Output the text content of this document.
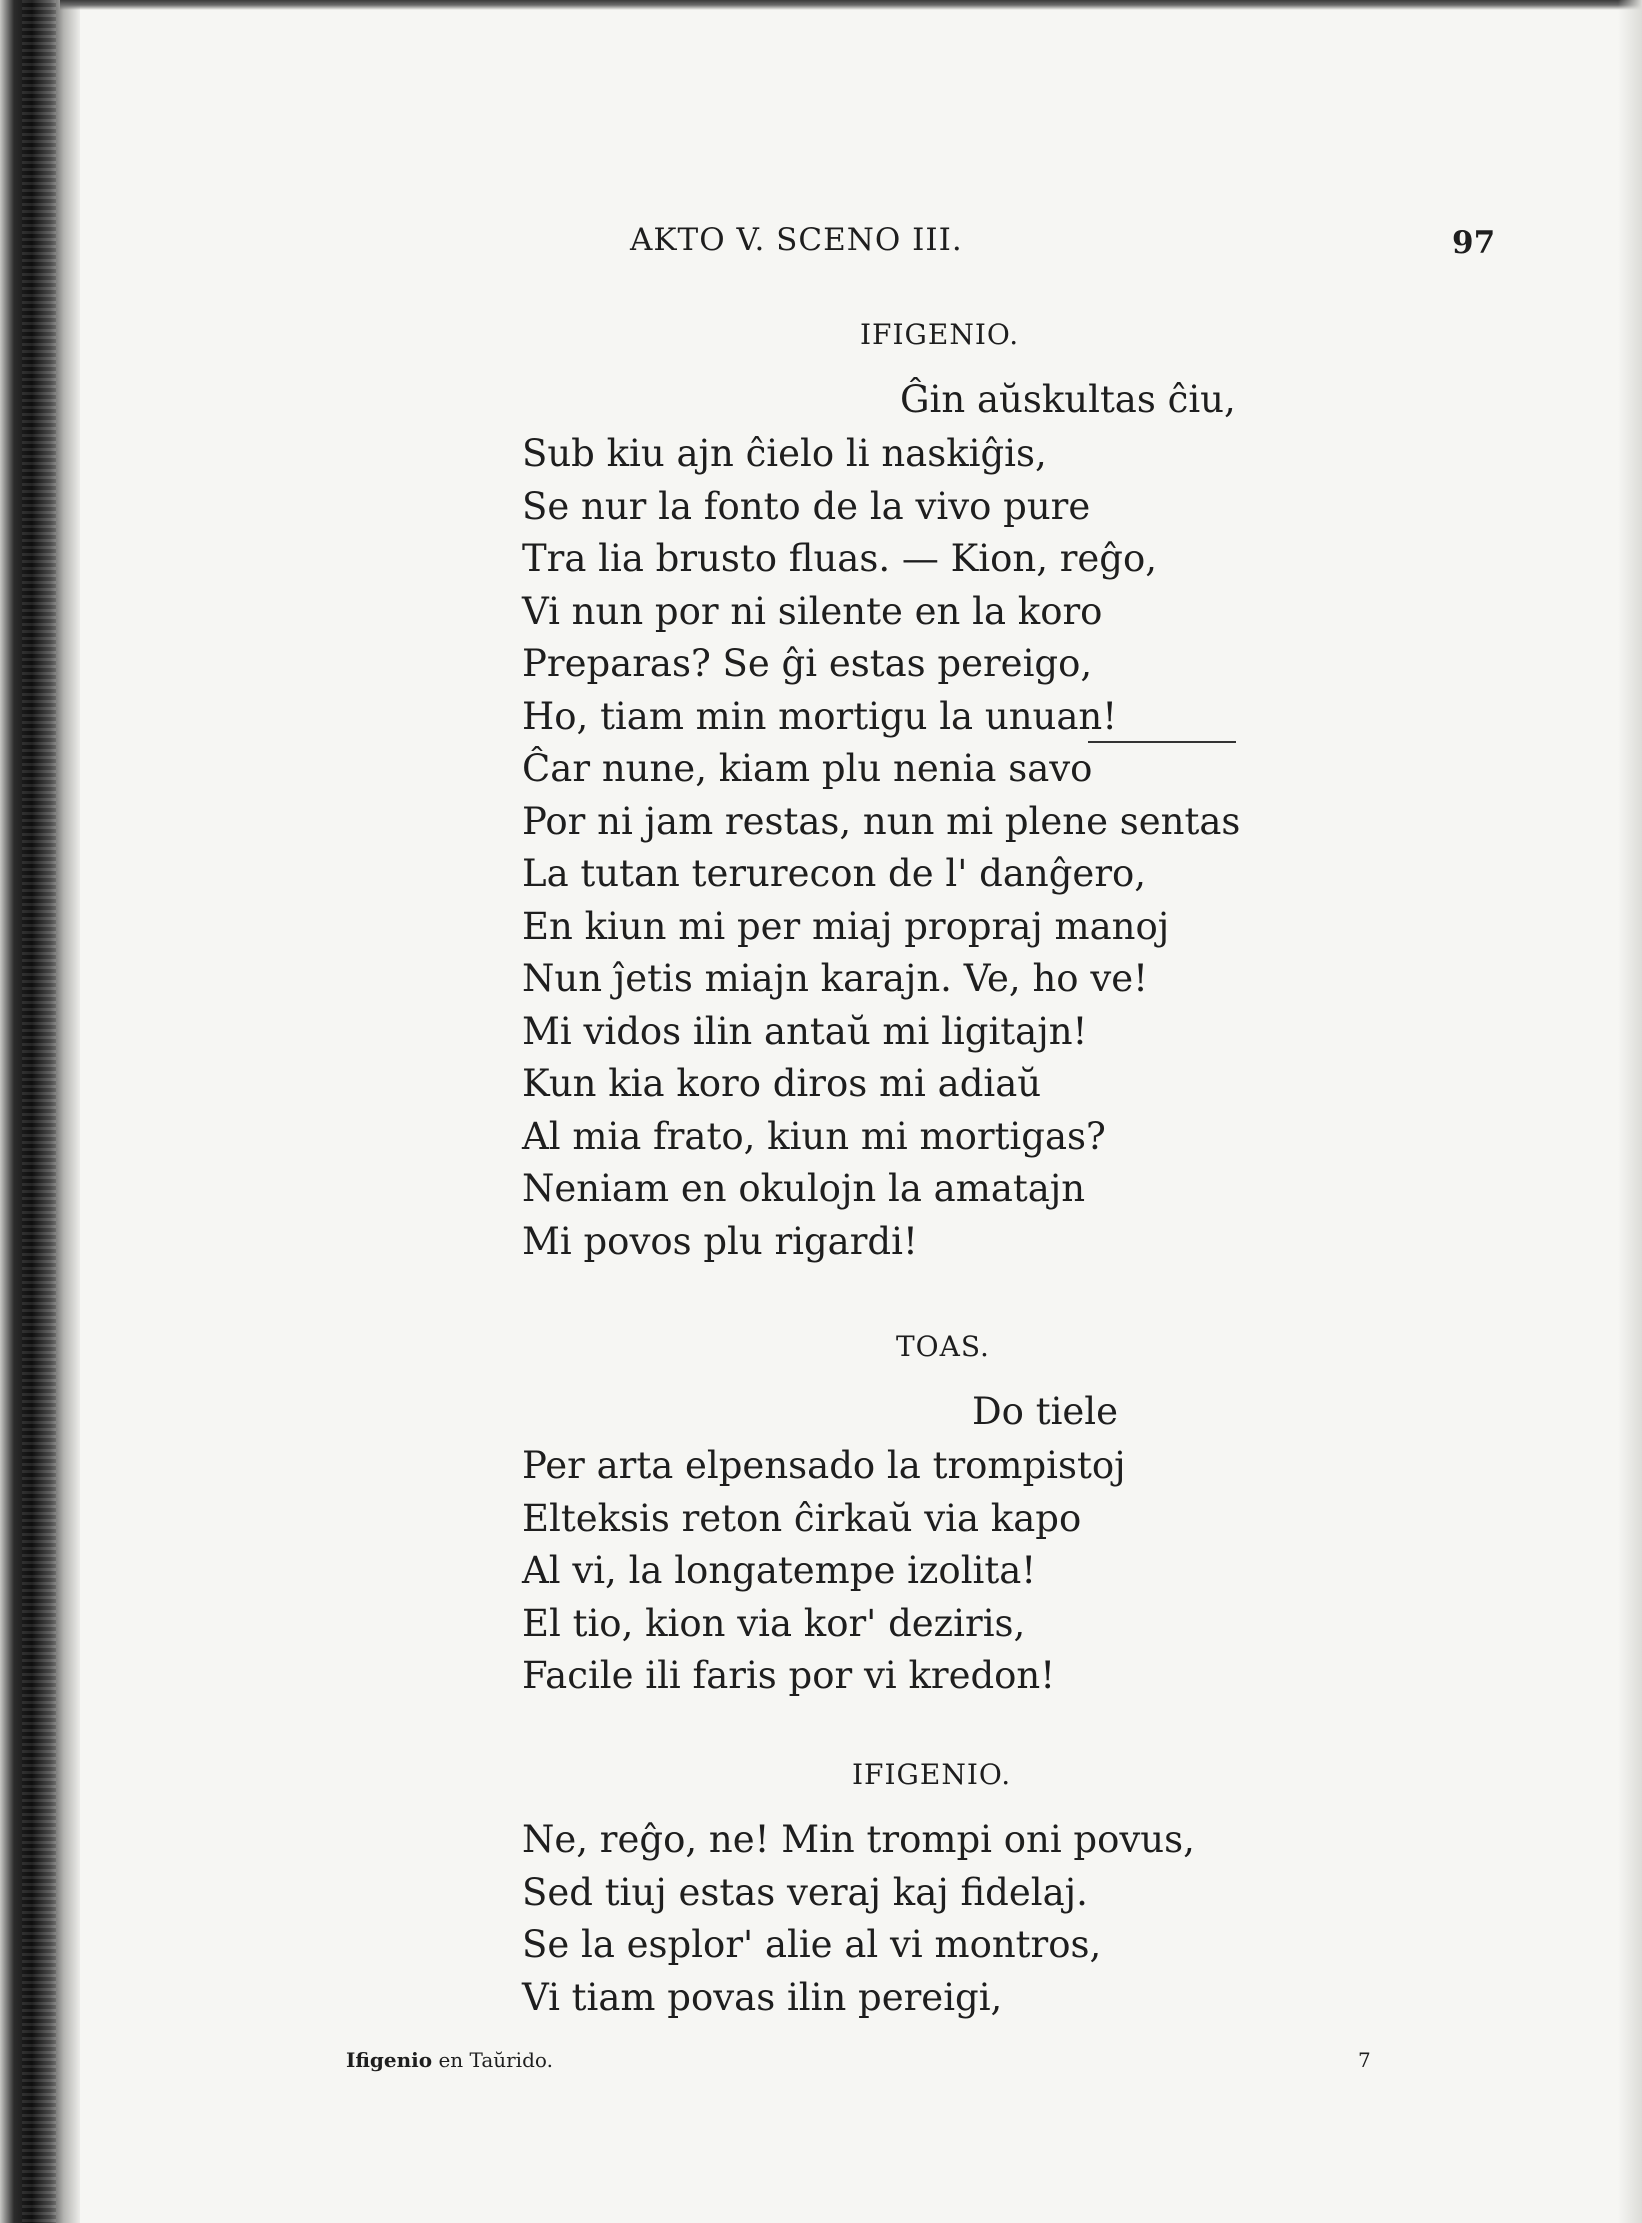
AKTO V. SCENO III.	97
IFIGENIO.
Ĝin aŭskultas ĉiu,
Sub kiu ajn ĉielo li naskiĝis,
Se nur la fonto de la vivo pure
Tra lia brusto fluas. — Kion, reĝo,
Vi nun por ni silente en la koro
Preparas? Se ĝi estas pereigo,
Ho, tiam min mortigu la unuan!
Ĉar nune, kiam plu nenia savo
Por ni jam restas, nun mi plene sentas
La tutan terurecon de l' danĝero,
En kiun mi per miaj propraj manoj
Nun ĵetis miajn karajn. Ve, ho ve!
Mi vidos ilin antaŭ mi ligitajn!
Kun kia koro diros mi adiaŭ
Al mia frato, kiun mi mortigas?
Neniam en okulojn la amatajn
Mi povos plu rigardi!
TOAS.
Do tiele
Per arta elpensado la trompistoj
Elteksis reton ĉirkaŭ via kapo
Al vi, la longatempe izolita!
El tio, kion via kor' deziris,
Facile ili faris por vi kredon!
IFIGENIO.
Ne, reĝo, ne! Min trompi oni povus,
Sed tiuj estas veraj kaj fidelaj.
Se la esplor' alie al vi montros,
Vi tiam povas ilin pereigi,
Ifigenio en Taŭrido.	7
